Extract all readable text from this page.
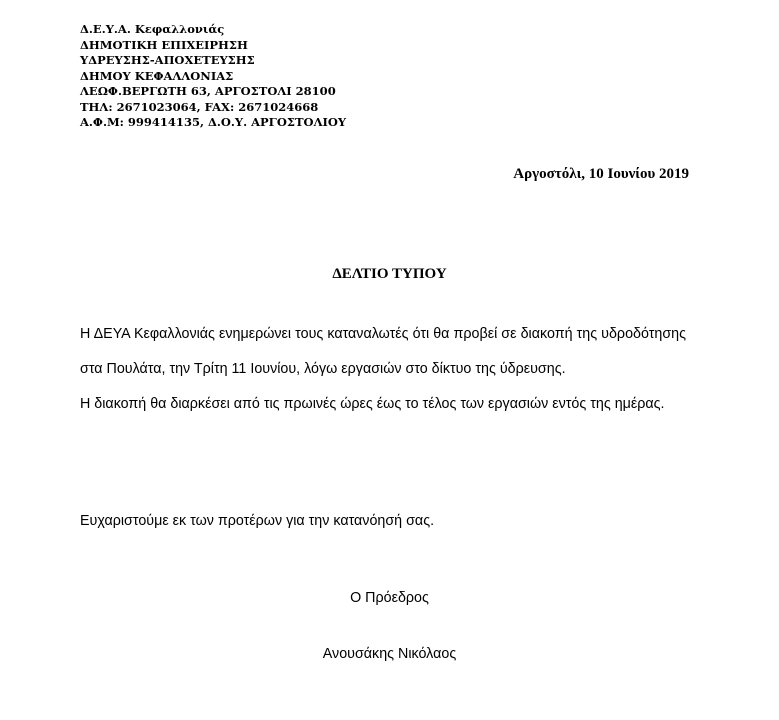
Δ.Ε.Υ.Α. Κεφαλλονιάς
ΔΗΜΟΤΙΚΗ ΕΠΙΧΕΙΡΗΣΗ
ΥΔΡΕΥΣΗΣ-ΑΠΟΧΕΤΕΥΣΗΣ
ΔΗΜΟΥ ΚΕΦΑΛΛΟΝΙΑΣ
ΛΕΩΦ.ΒΕΡΓΩΤΗ 63, ΑΡΓΟΣΤΟΛΙ 28100
ΤΗΛ: 2671023064, FAX: 2671024668
Α.Φ.Μ: 999414135, Δ.Ο.Υ. ΑΡΓΟΣΤΟΛΙΟΥ
Αργοστόλι, 10 Ιουνίου 2019
ΔΕΛΤΙΟ ΤΥΠΟΥ

Η ΔΕΥΑ Κεφαλλονιάς ενημερώνει τους καταναλωτές ότι θα προβεί σε διακοπή της υδροδότησης στα Πουλάτα, την Τρίτη 11 Ιουνίου, λόγω εργασιών στο δίκτυο της ύδρευσης.

Η διακοπή θα διαρκέσει από τις πρωινές ώρες έως το τέλος των εργασιών εντός της ημέρας.

Ευχαριστούμε εκ των προτέρων για την κατανόησή σας.
Ο Πρόεδρος
Ανουσάκης Νικόλαος
